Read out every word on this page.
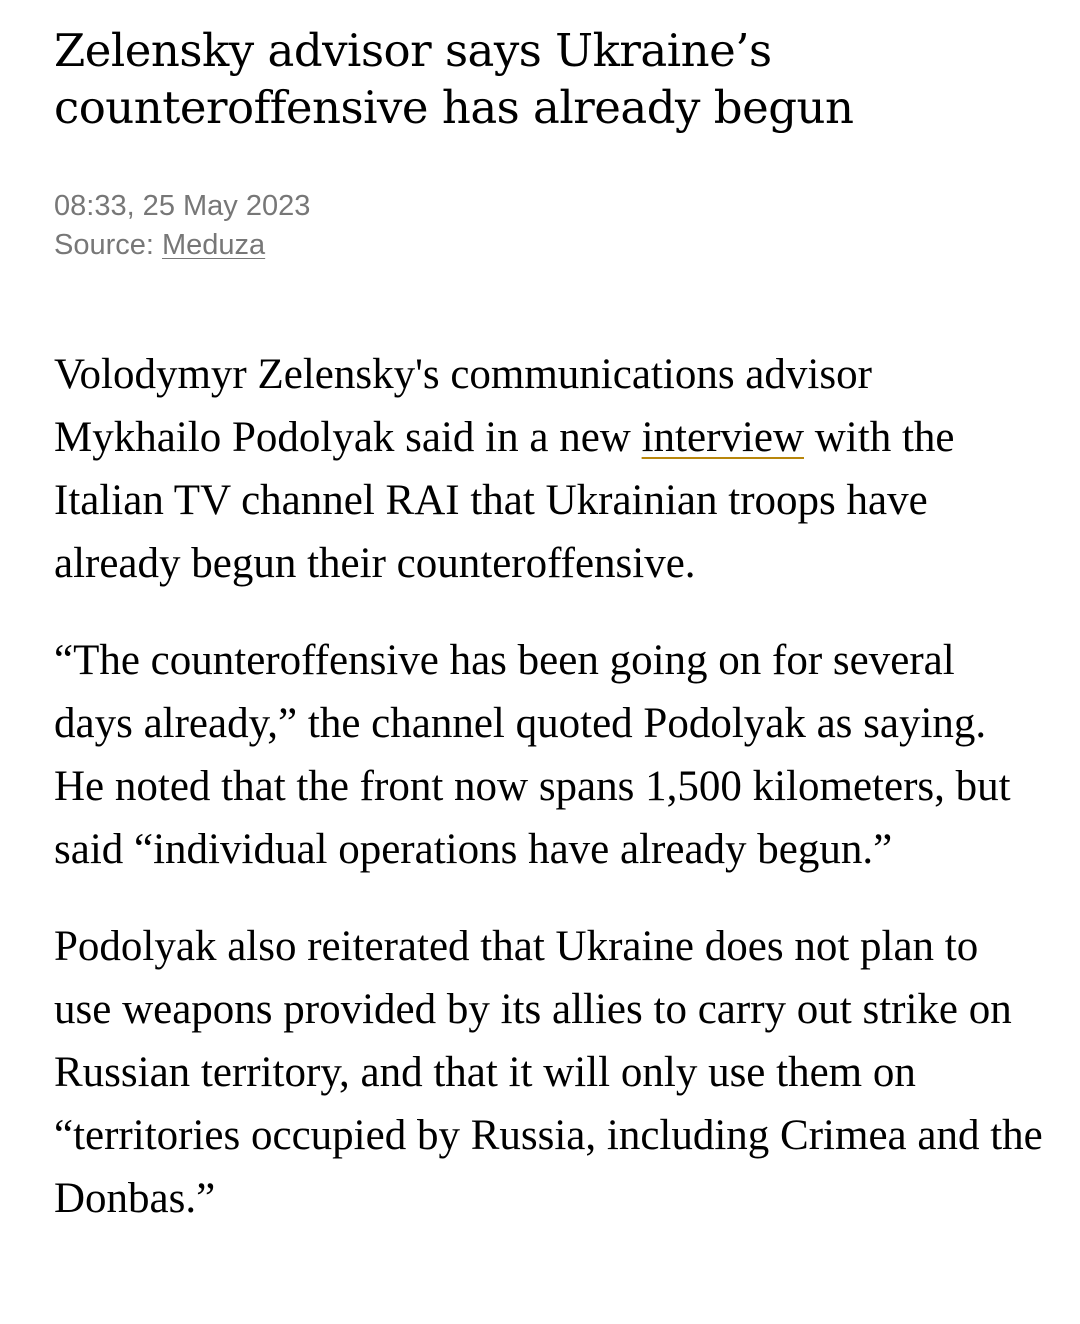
Zelensky advisor says Ukraine’s counteroffensive has already begun
08:33, 25 May 2023
Source: Meduza

Volodymyr Zelensky's communications advisor Mykhailo Podolyak said in a new interview with the Italian TV channel RAI that Ukrainian troops have already begun their counteroffensive.

“The counteroffensive has been going on for several days already,” the channel quoted Podolyak as saying. He noted that the front now spans 1,500 kilometers, but said “individual operations have already begun.”

Podolyak also reiterated that Ukraine does not plan to use weapons provided by its allies to carry out strike on Russian territory, and that it will only use them on “territories occupied by Russia, including Crimea and the Donbas.”
